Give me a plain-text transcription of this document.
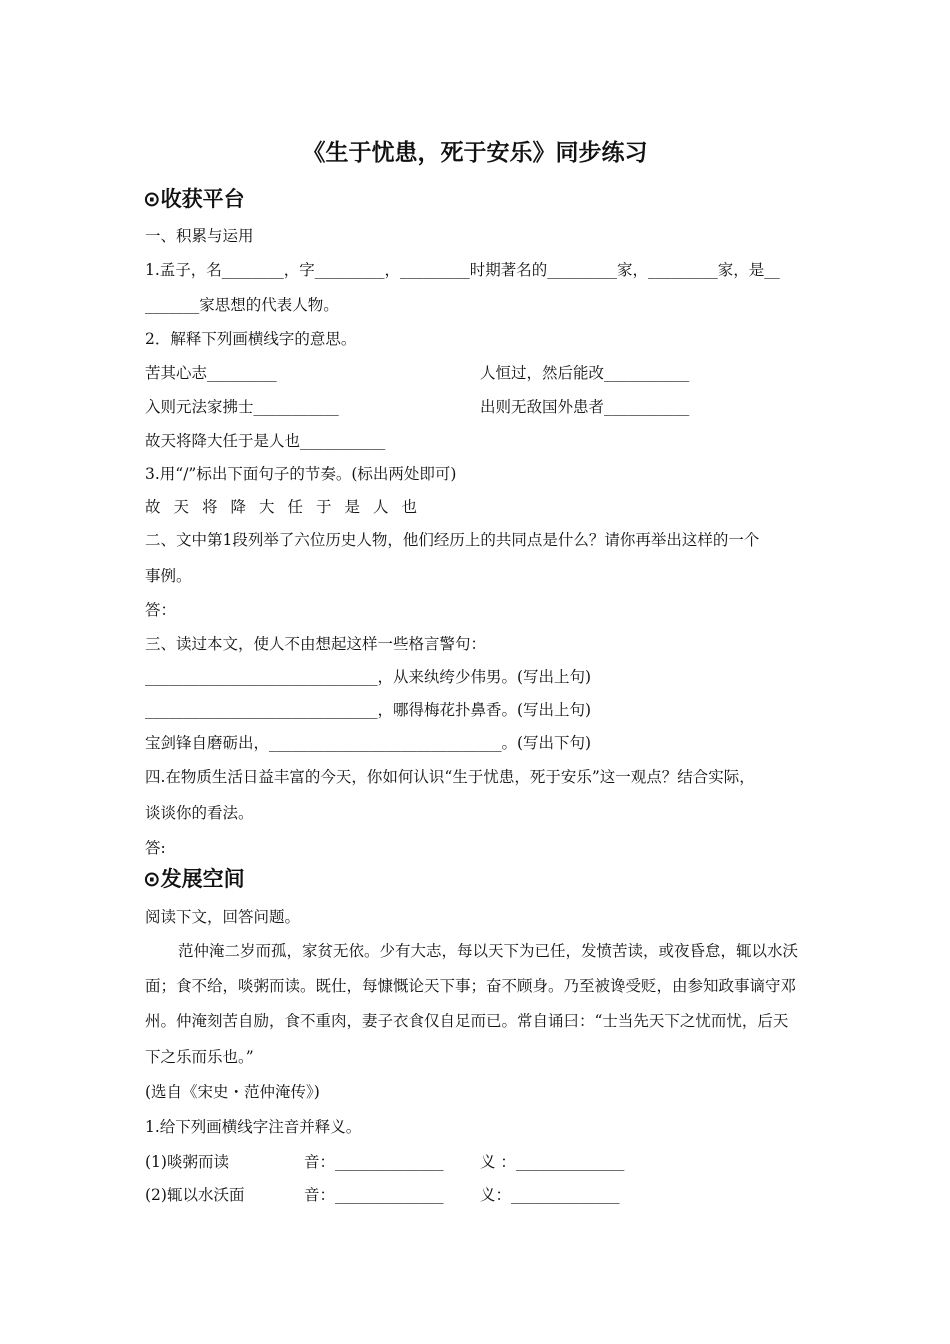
《生于忧患，死于安乐》同步练习
⊙收获平台
一、积累与运用
1.孟子，名________，字_________，_________时期著名的_________家，_________家，是__
_______家思想的代表人物。
2．解释下列画横线字的意思。
苦其心志_________	人恒过，然后能改___________
入则元法家拂士___________	出则无敌国外患者___________
故天将降大任于是人也___________
3.用“/”标出下面句子的节奏。(标出两处即可)
故天将降大任于是人也
二、文中第1段列举了六位历史人物，他们经历上的共同点是什么？请你再举出这样的一个
事例。
答：
三、读过本文，使人不由想起这样一些格言警句：
______________________________，从来纨绔少伟男。(写出上句)
______________________________，哪得梅花扑鼻香。(写出上句)
宝剑锋自磨砺出，______________________________。(写出下句)
四.在物质生活日益丰富的今天，你如何认识“生于忧患，死于安乐”这一观点？结合实际，
谈谈你的看法。
答:
⊙发展空间
阅读下文，回答问题。
范仲淹二岁而孤，家贫无依。少有大志，每以天下为已任，发愤苦读，或夜昏怠，辄以水沃
面；食不给，啖粥而读。既仕，每慷慨论天下事；奋不顾身。乃至被谗受贬，由参知政事谪守邓
州。仲淹刻苦自励，食不重肉，妻子衣食仅自足而已。常自诵曰：“士当先天下之忧而忧，后天
下之乐而乐也。”
(选自《宋史・范仲淹传》)
1.给下列画横线字注音并释义。
(1)啖粥而读	音：______________ 义 ：______________
(2)辄以水沃面	音：______________ 义：______________
